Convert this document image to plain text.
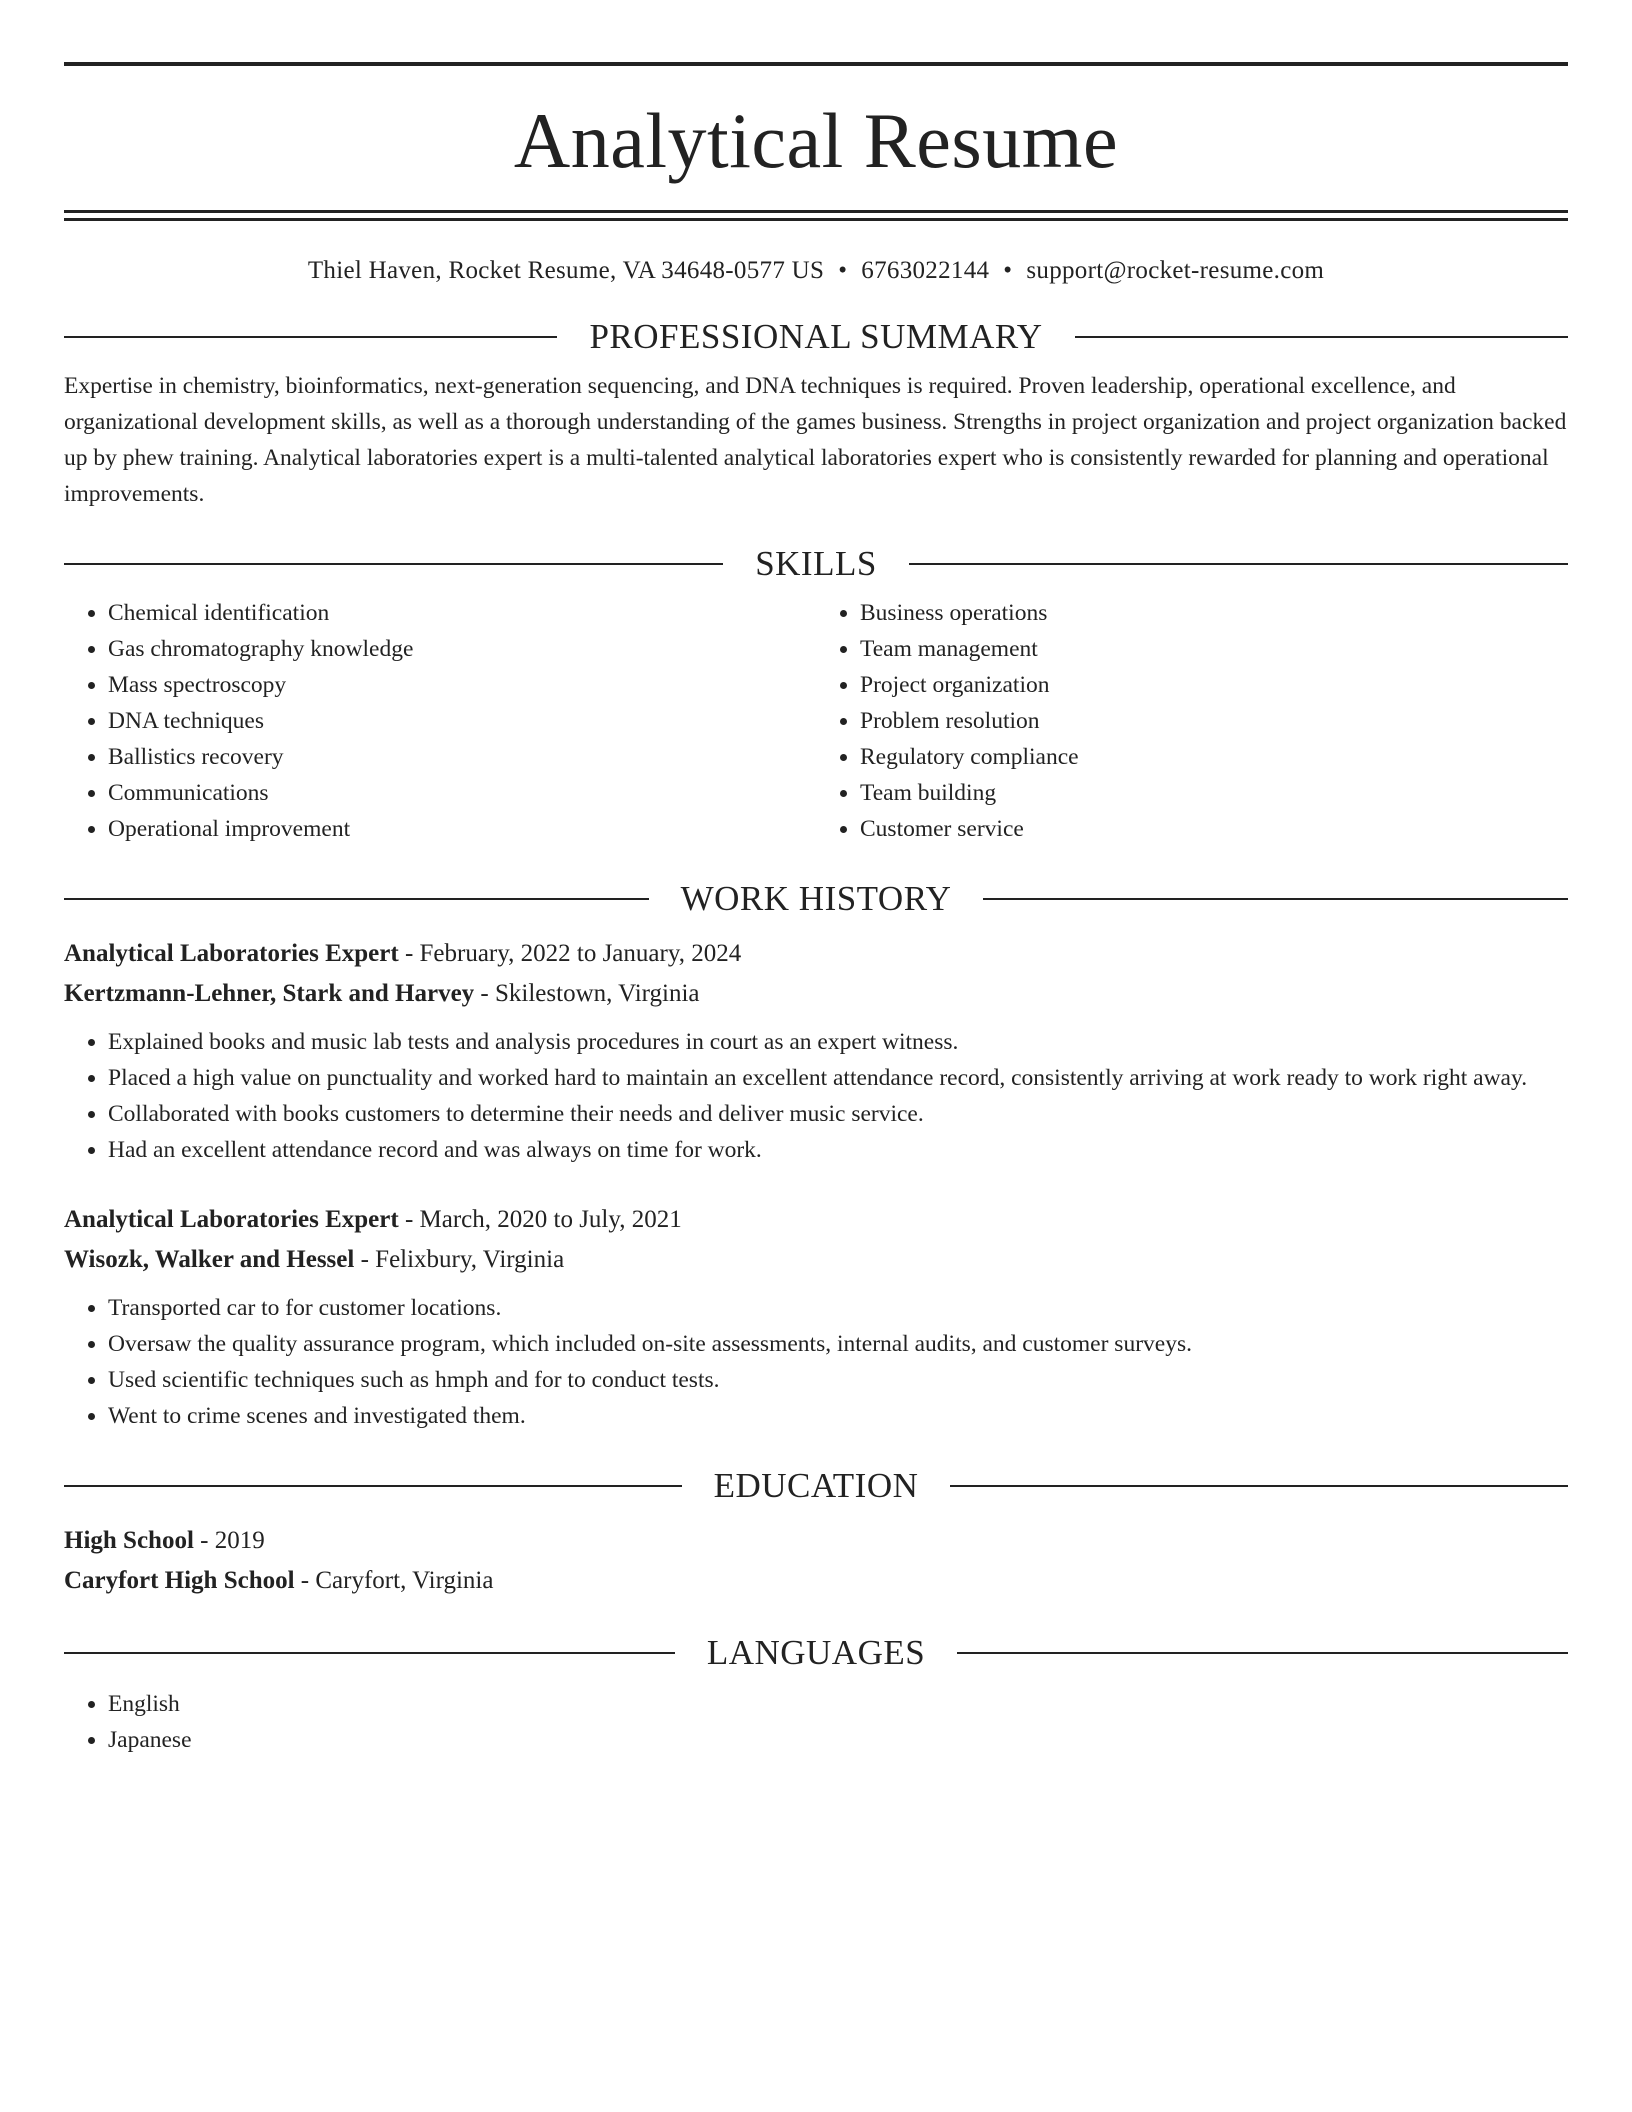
Analytical Resume
Thiel Haven, Rocket Resume, VA 34648-0577 US • 6763022144 • support@rocket-resume.com
PROFESSIONAL SUMMARY

Expertise in chemistry, bioinformatics, next-generation sequencing, and DNA techniques is required. Proven leadership, operational excellence, and organizational development skills, as well as a thorough understanding of the games business. Strengths in project organization and project organization backed up by phew training. Analytical laboratories expert is a multi-talented analytical laboratories expert who is consistently rewarded for planning and operational improvements.

SKILLS
• Chemical identification
• Gas chromatography knowledge
• Mass spectroscopy
• DNA techniques
• Ballistics recovery
• Communications
• Operational improvement
• Business operations
• Team management
• Project organization
• Problem resolution
• Regulatory compliance
• Team building
• Customer service
WORK HISTORY
Analytical Laboratories Expert - February, 2022 to January, 2024
Kertzmann-Lehner, Stark and Harvey - Skilestown, Virginia
• Explained books and music lab tests and analysis procedures in court as an expert witness.
• Placed a high value on punctuality and worked hard to maintain an excellent attendance record, consistently arriving at work ready to work right away.
• Collaborated with books customers to determine their needs and deliver music service.
• Had an excellent attendance record and was always on time for work.
Analytical Laboratories Expert - March, 2020 to July, 2021
Wisozk, Walker and Hessel - Felixbury, Virginia
• Transported car to for customer locations.
• Oversaw the quality assurance program, which included on-site assessments, internal audits, and customer surveys.
• Used scientific techniques such as hmph and for to conduct tests.
• Went to crime scenes and investigated them.
EDUCATION
High School - 2019
Caryfort High School - Caryfort, Virginia
LANGUAGES
• English
• Japanese
